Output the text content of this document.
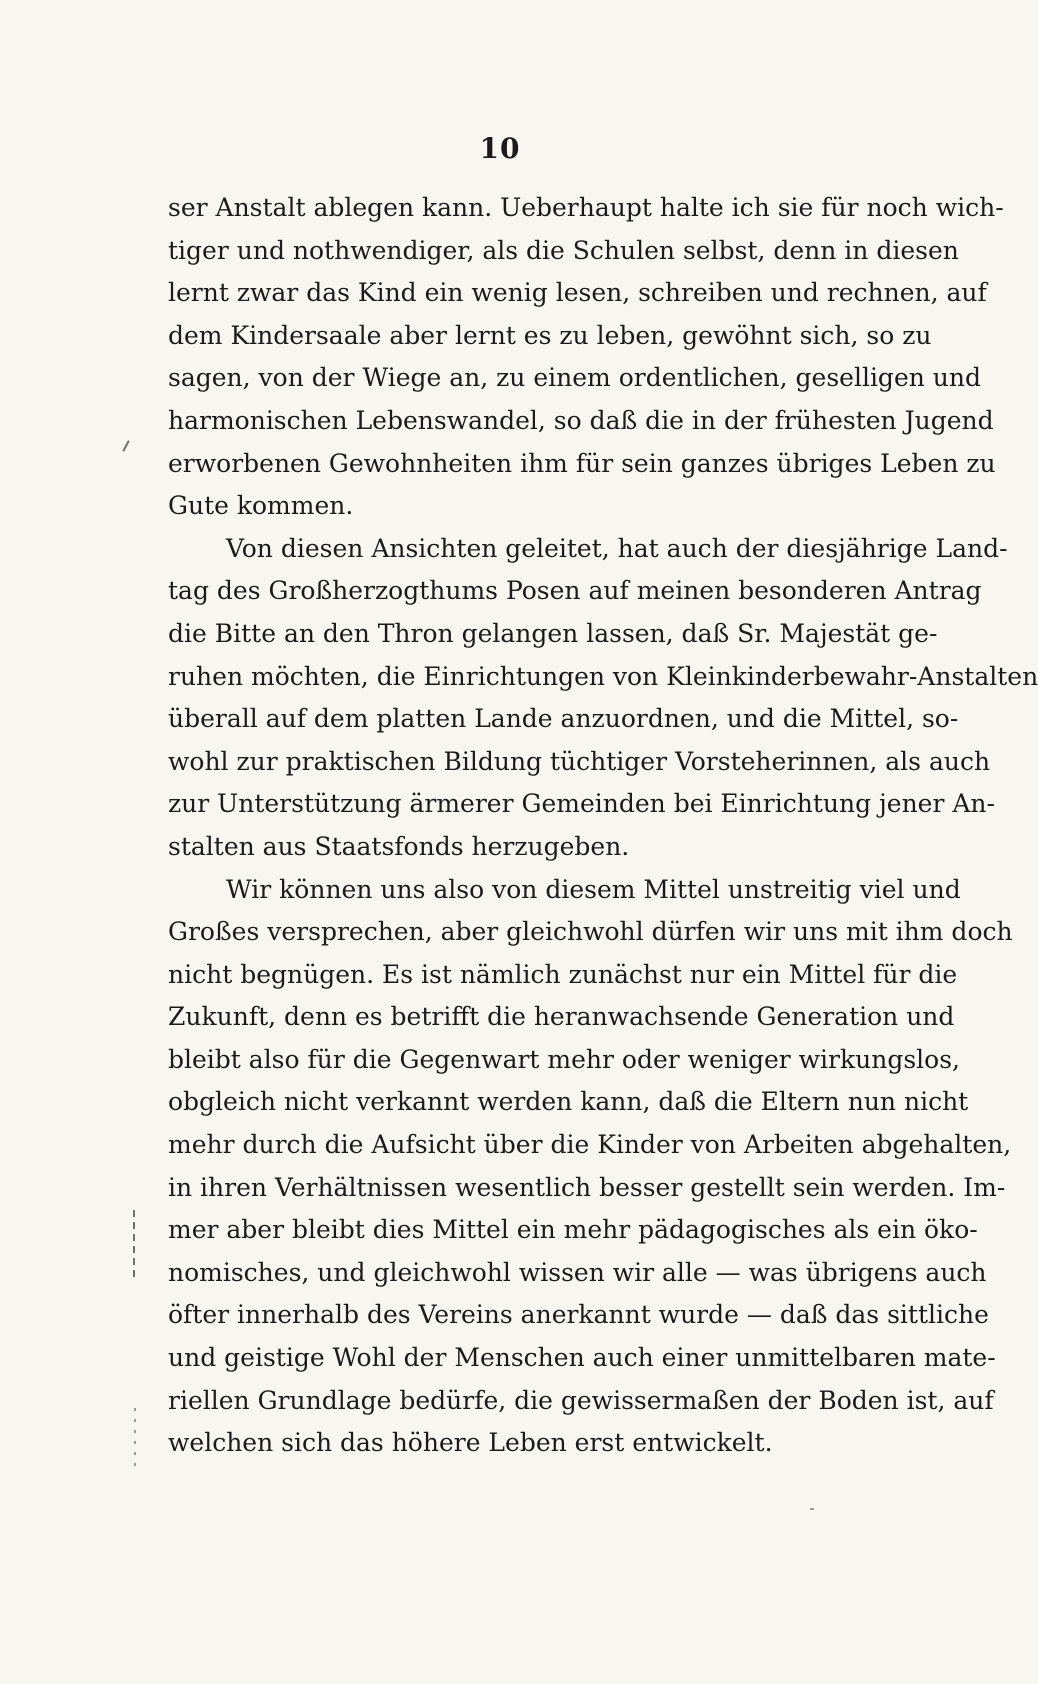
10
ser Anstalt ablegen kann. Ueberhaupt halte ich sie für noch wich-
tiger und nothwendiger, als die Schulen selbst, denn in diesen
lernt zwar das Kind ein wenig lesen, schreiben und rechnen, auf
dem Kindersaale aber lernt es zu leben, gewöhnt sich, so zu
sagen, von der Wiege an, zu einem ordentlichen, geselligen und
harmonischen Lebenswandel, so daß die in der frühesten Jugend
erworbenen Gewohnheiten ihm für sein ganzes übriges Leben zu
Gute kommen.
Von diesen Ansichten geleitet, hat auch der diesjährige Land-
tag des Großherzogthums Posen auf meinen besonderen Antrag
die Bitte an den Thron gelangen lassen, daß Sr. Majestät ge-
ruhen möchten, die Einrichtungen von Kleinkinderbewahr-Anstalten
überall auf dem platten Lande anzuordnen, und die Mittel, so-
wohl zur praktischen Bildung tüchtiger Vorsteherinnen, als auch
zur Unterstützung ärmerer Gemeinden bei Einrichtung jener An-
stalten aus Staatsfonds herzugeben.
Wir können uns also von diesem Mittel unstreitig viel und
Großes versprechen, aber gleichwohl dürfen wir uns mit ihm doch
nicht begnügen. Es ist nämlich zunächst nur ein Mittel für die
Zukunft, denn es betrifft die heranwachsende Generation und
bleibt also für die Gegenwart mehr oder weniger wirkungslos,
obgleich nicht verkannt werden kann, daß die Eltern nun nicht
mehr durch die Aufsicht über die Kinder von Arbeiten abgehalten,
in ihren Verhältnissen wesentlich besser gestellt sein werden. Im-
mer aber bleibt dies Mittel ein mehr pädagogisches als ein öko-
nomisches, und gleichwohl wissen wir alle — was übrigens auch
öfter innerhalb des Vereins anerkannt wurde — daß das sittliche
und geistige Wohl der Menschen auch einer unmittelbaren mate-
riellen Grundlage bedürfe, die gewissermaßen der Boden ist, auf
welchen sich das höhere Leben erst entwickelt.
